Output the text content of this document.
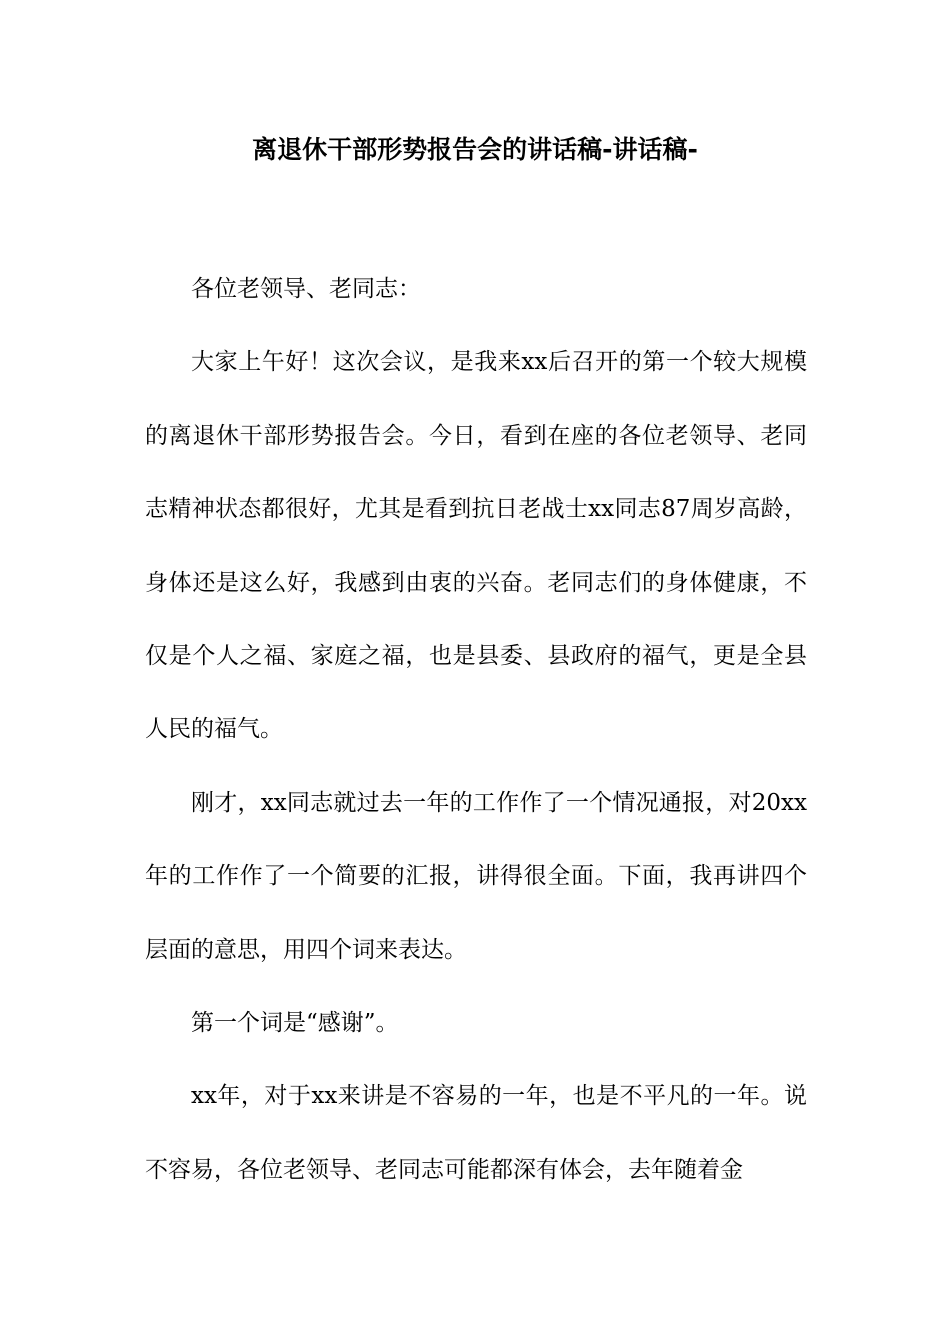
离退休干部形势报告会的讲话稿-讲话稿-

各位老领导、老同志：

大家上午好！这次会议，是我来xx后召开的第一个较大规模的离退休干部形势报告会。今日，看到在座的各位老领导、老同志精神状态都很好，尤其是看到抗日老战士xx同志87周岁高龄，身体还是这么好，我感到由衷的兴奋。老同志们的身体健康，不仅是个人之福、家庭之福，也是县委、县政府的福气，更是全县人民的福气。

刚才，xx同志就过去一年的工作作了一个情况通报，对20xx年的工作作了一个简要的汇报，讲得很全面。下面，我再讲四个层面的意思，用四个词来表达。

第一个词是“感谢”。

xx年，对于xx来讲是不容易的一年，也是不平凡的一年。说不容易，各位老领导、老同志可能都深有体会，去年随着金
